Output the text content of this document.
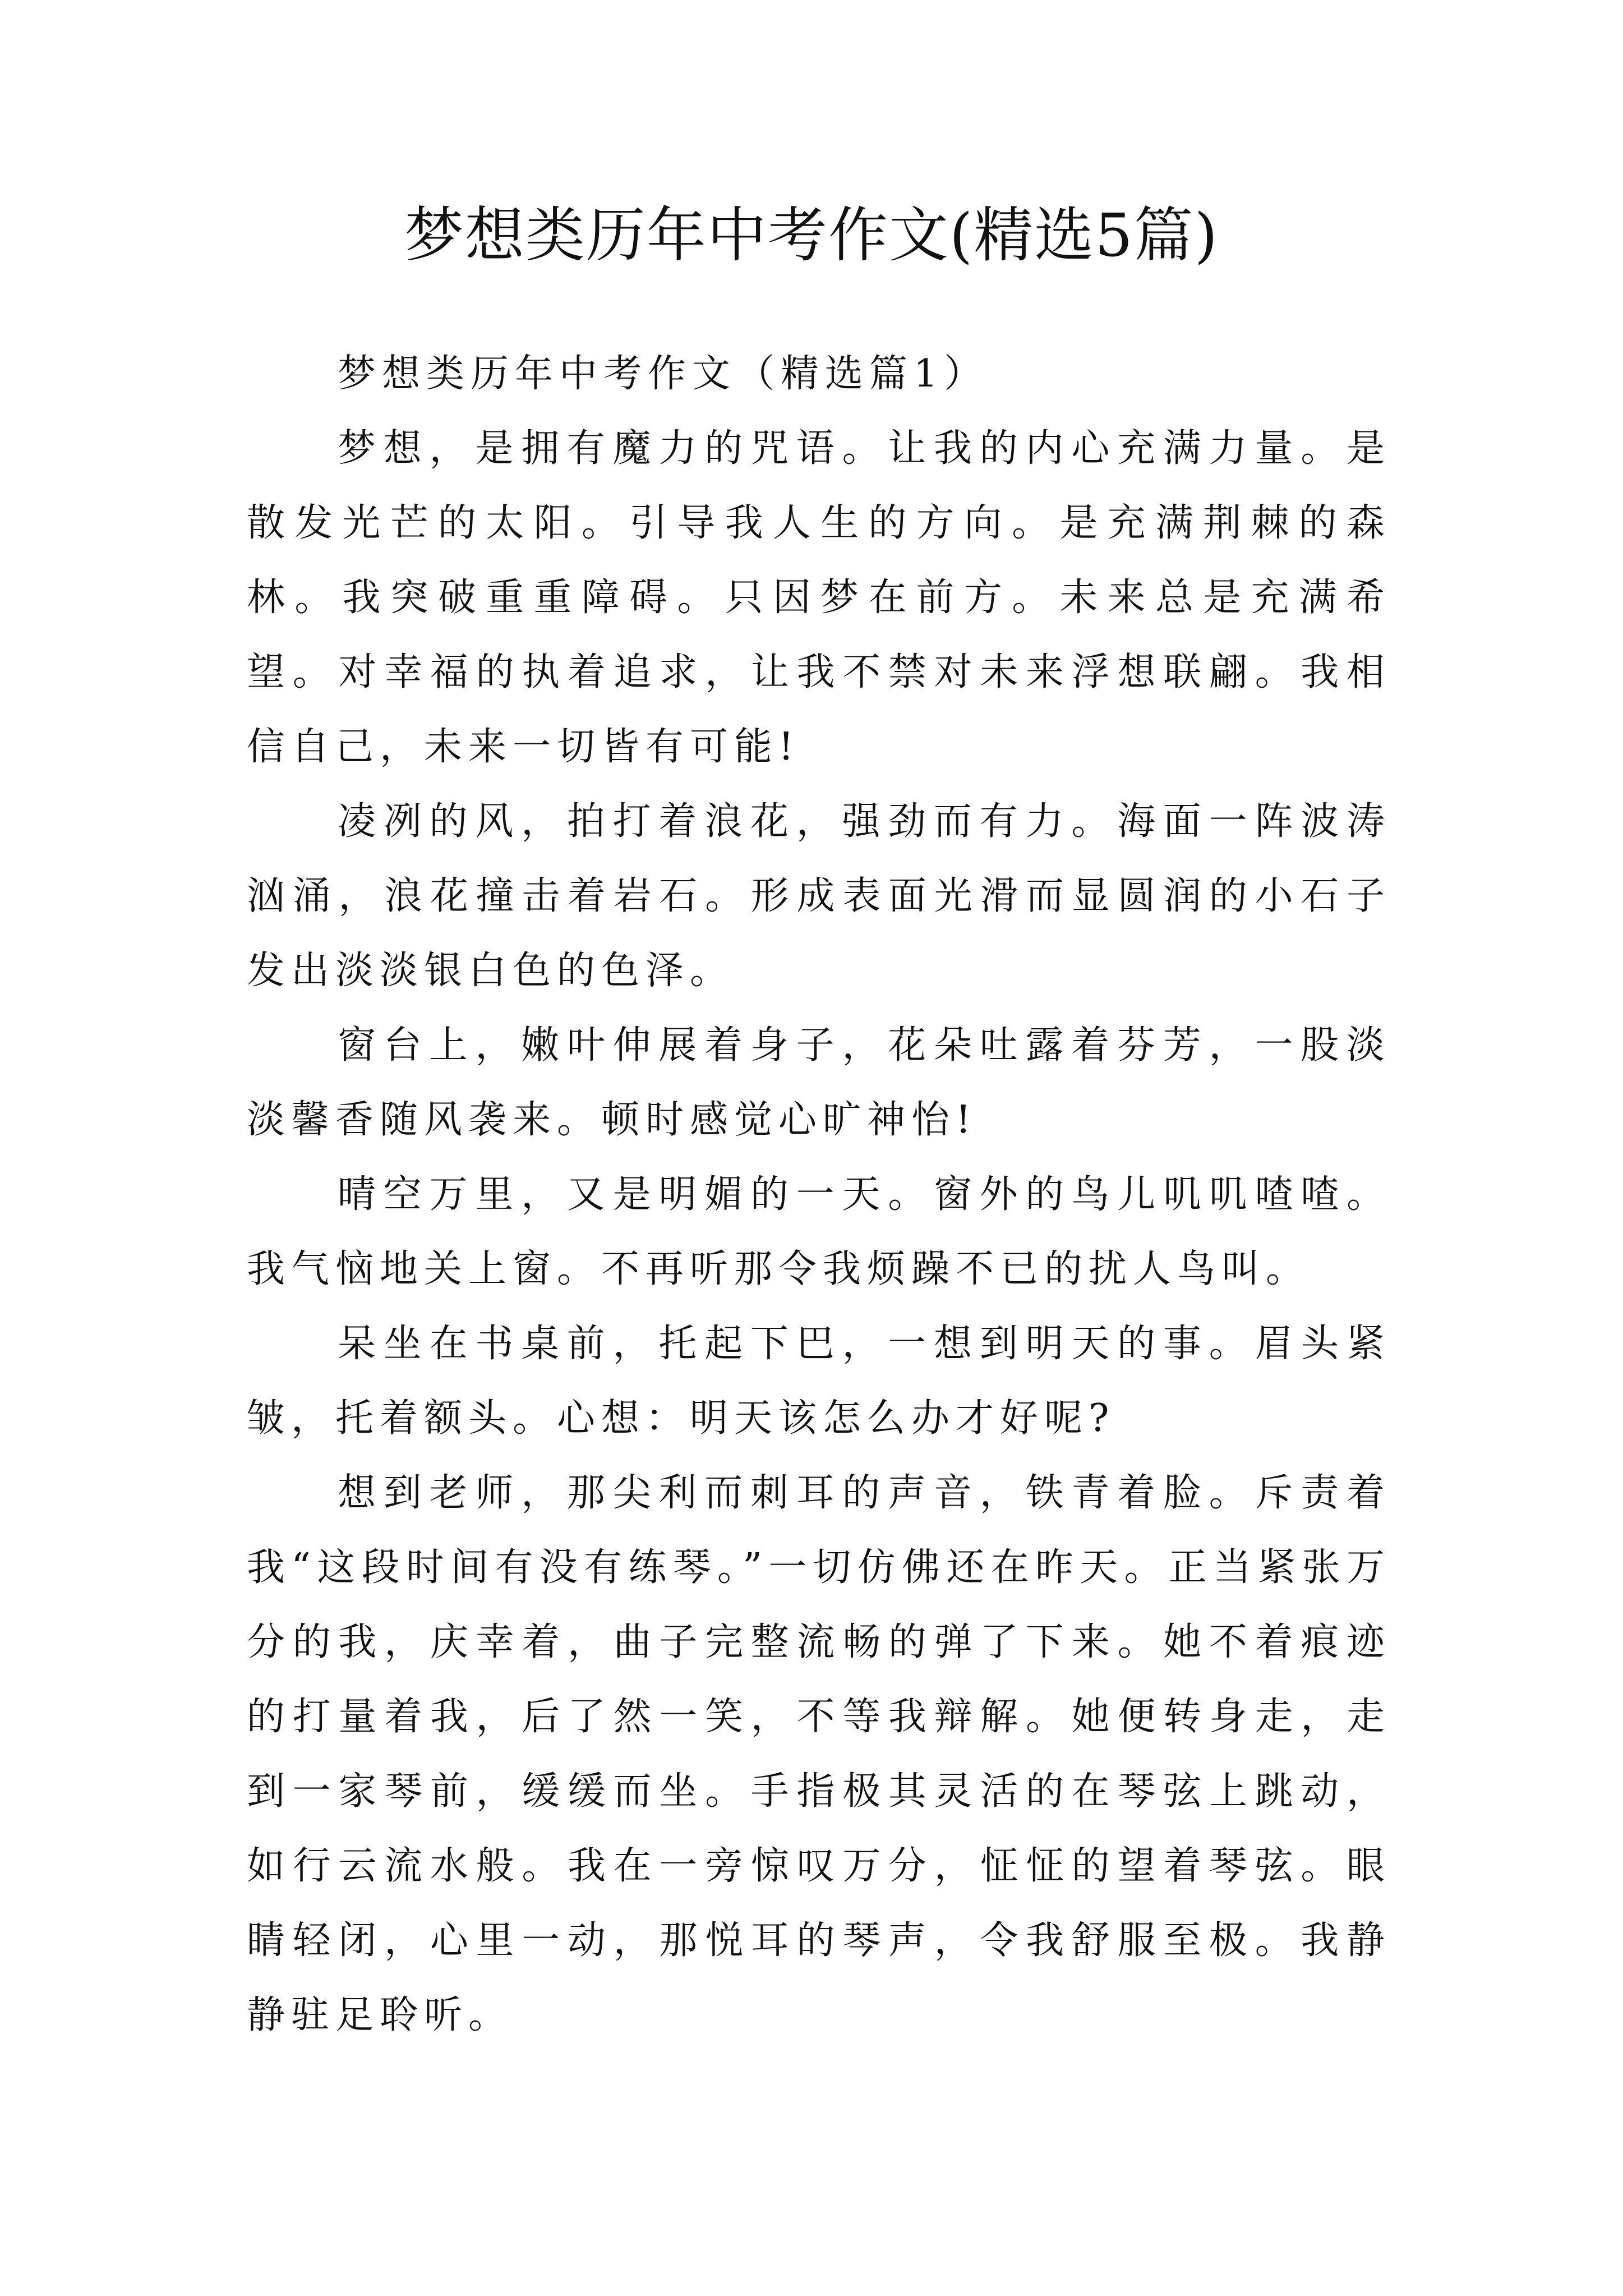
梦想类历年中考作文(精选5篇)

梦想类历年中考作文（精选篇1）

梦想，是拥有魔力的咒语。让我的内心充满力量。是散发光芒的太阳。引导我人生的方向。是充满荆棘的森林。我突破重重障碍。只因梦在前方。未来总是充满希望。对幸福的执着追求，让我不禁对未来浮想联翩。我相信自己，未来一切皆有可能!

凌冽的风，拍打着浪花，强劲而有力。海面一阵波涛汹涌，浪花撞击着岩石。形成表面光滑而显圆润的小石子发出淡淡银白色的色泽。

窗台上，嫩叶伸展着身子，花朵吐露着芬芳，一股淡淡馨香随风袭来。顿时感觉心旷神怡!

晴空万里，又是明媚的一天。窗外的鸟儿叽叽喳喳。我气恼地关上窗。不再听那令我烦躁不已的扰人鸟叫。

呆坐在书桌前，托起下巴，一想到明天的事。眉头紧皱，托着额头。心想：明天该怎么办才好呢?

想到老师，那尖利而刺耳的声音，铁青着脸。斥责着我“这段时间有没有练琴。”一切仿佛还在昨天。正当紧张万分的我，庆幸着，曲子完整流畅的弹了下来。她不着痕迹的打量着我，后了然一笑，不等我辩解。她便转身走，走到一家琴前，缓缓而坐。手指极其灵活的在琴弦上跳动，如行云流水般。我在一旁惊叹万分，怔怔的望着琴弦。眼睛轻闭，心里一动，那悦耳的琴声，令我舒服至极。我静静驻足聆听。
